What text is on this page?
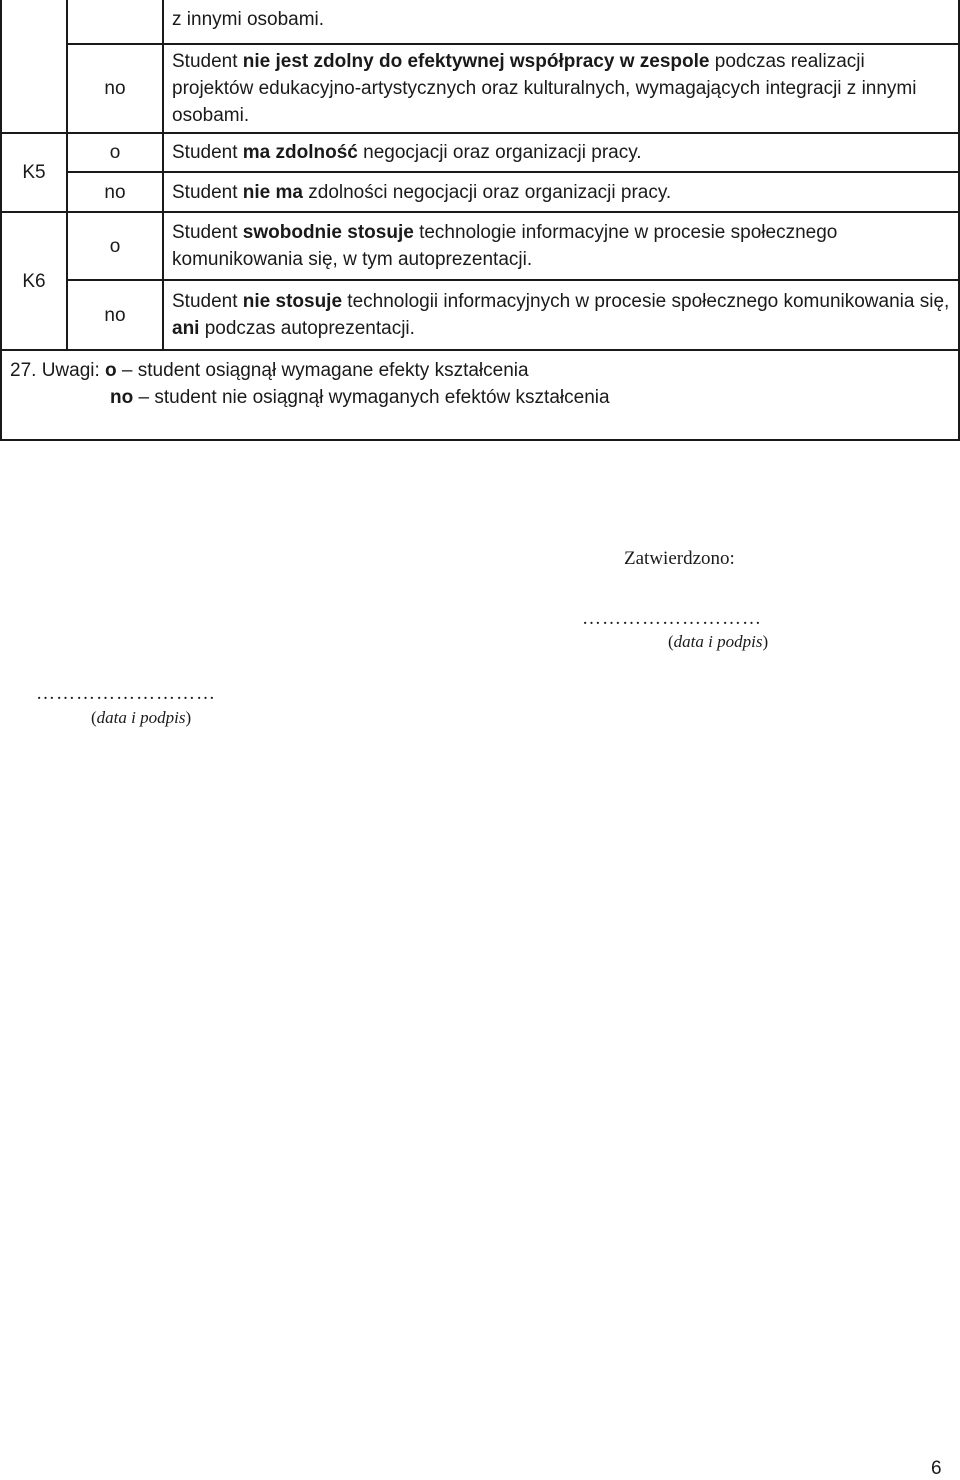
		z innymi osobami.
	no	Student nie jest zdolny do efektywnej współpracy w zespole podczas realizacji projektów edukacyjno-artystycznych oraz kulturalnych, wymagających integracji z innymi osobami.
K5	o	Student ma zdolność negocjacji oraz organizacji pracy.
	no	Student nie ma zdolności negocjacji oraz organizacji pracy.
K6	o	Student swobodnie stosuje technologie informacyjne w procesie społecznego komunikowania się, w tym autoprezentacji.
	no	Student nie stosuje technologii informacyjnych w procesie społecznego komunikowania się, ani podczas autoprezentacji.

27. Uwagi: o – student osiągnął wymagane efekty kształcenia
no – student nie osiągnął wymaganych efektów kształcenia		
Zatwierdzono:
………………………
(data i podpis)
………………………
(data i podpis)
6
